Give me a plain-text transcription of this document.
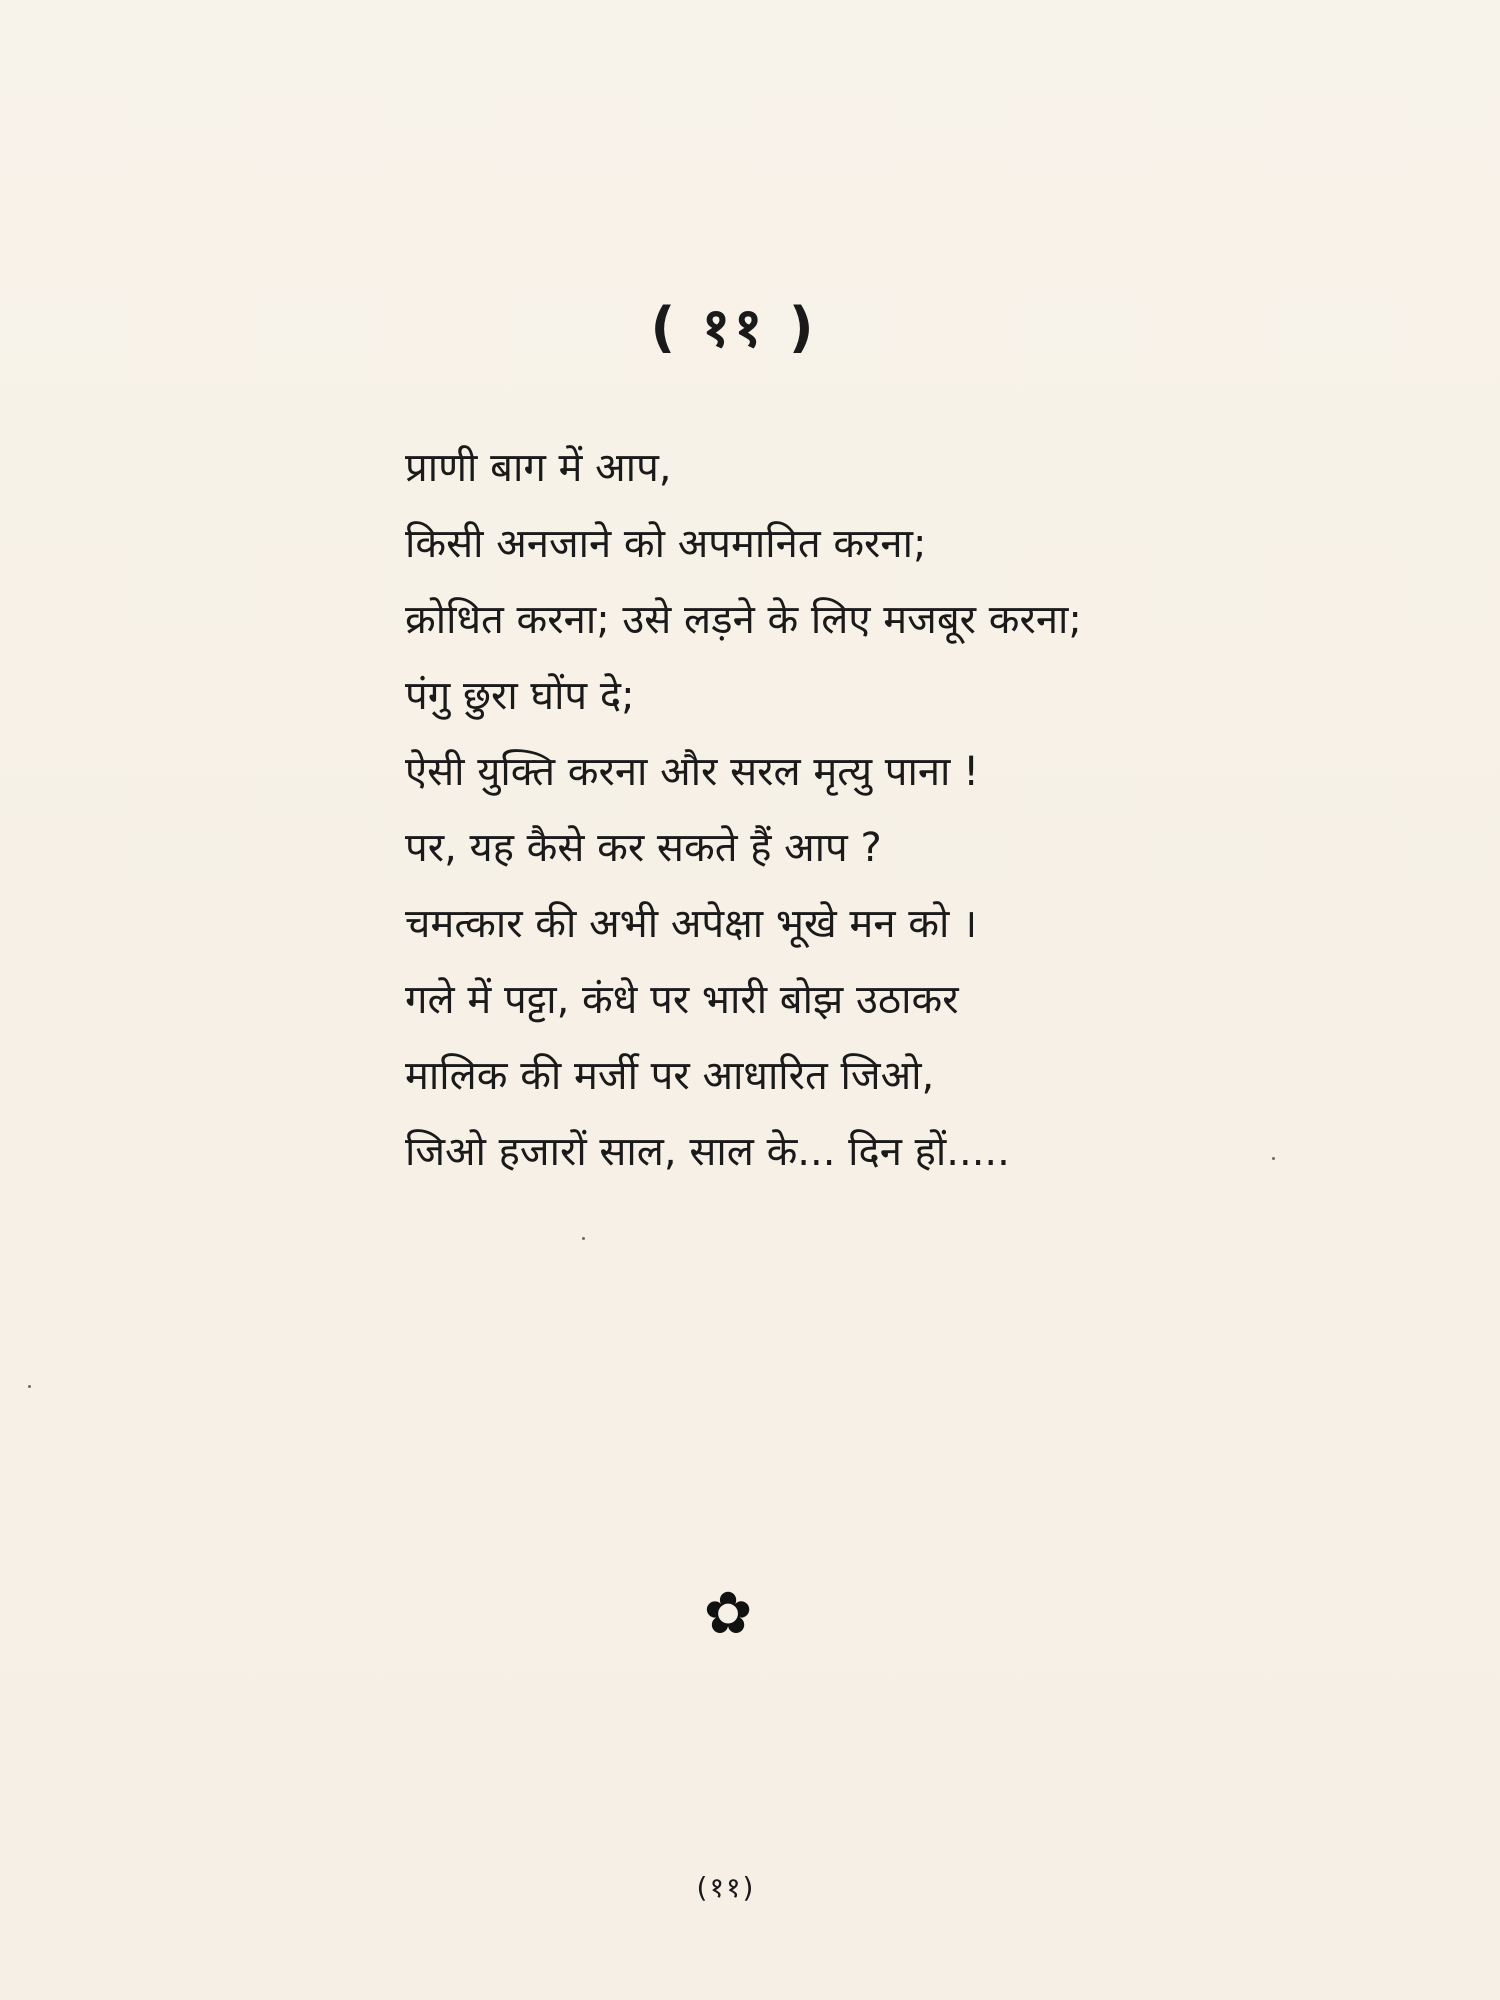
( ११ )
प्राणी बाग में आप,
किसी अनजाने को अपमानित करना;
क्रोधित करना; उसे लड़ने के लिए मजबूर करना;
पंगु छुरा घोंप दे;
ऐसी युक्ति करना और सरल मृत्यु पाना !
पर, यह कैसे कर सकते हैं आप ?
चमत्कार की अभी अपेक्षा भूखे मन को ।
गले में पट्टा, कंधे पर भारी बोझ उठाकर
मालिक की मर्जी पर आधारित जिओ,
जिओ हजारों साल, साल के... दिन हों.....
✿
(११)
